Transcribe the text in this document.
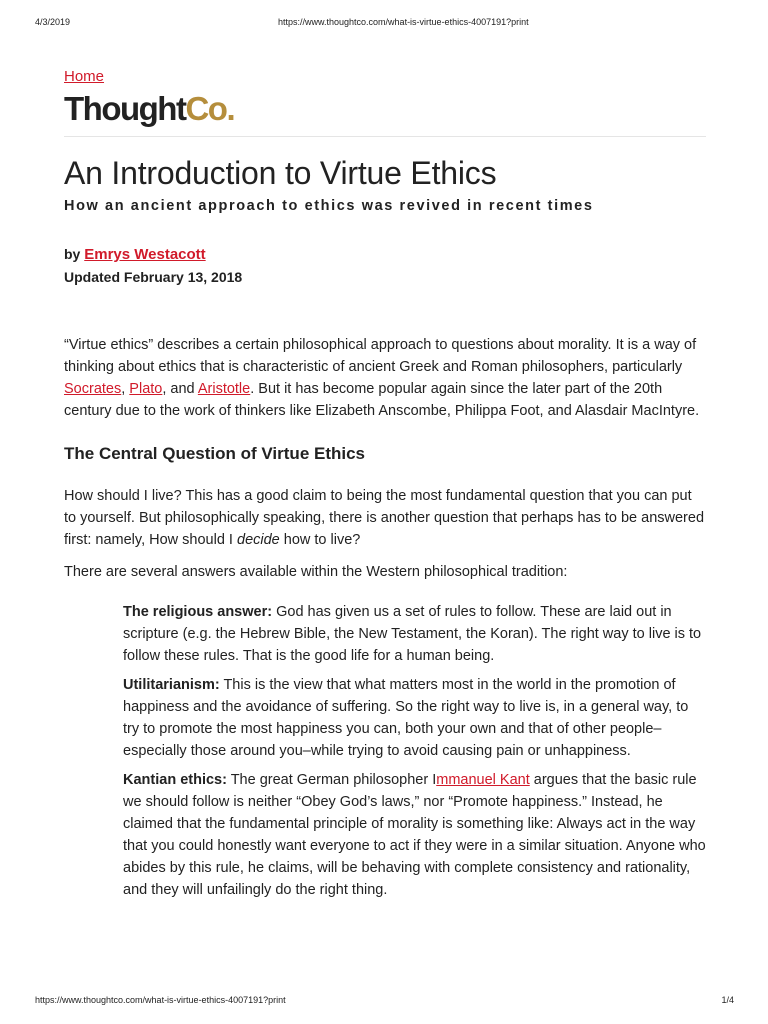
4/3/2019	https://www.thoughtco.com/what-is-virtue-ethics-4007191?print
Home
Thought Co .
An Introduction to Virtue Ethics
How an ancient approach to ethics was revived in recent times
by Emrys Westacott
Updated February 13, 2018

“Virtue ethics” describes a certain philosophical approach to questions about morality. It is a way of thinking about ethics that is characteristic of ancient Greek and Roman philosophers, particularly Socrates, Plato, and Aristotle. But it has become popular again since the later part of the 20th century due to the work of thinkers like Elizabeth Anscombe, Philippa Foot, and Alasdair MacIntyre.

The Central Question of Virtue Ethics

How should I live? This has a good claim to being the most fundamental question that you can put to yourself. But philosophically speaking, there is another question that perhaps has to be answered first: namely, How should I decide how to live?

There are several answers available within the Western philosophical tradition:

The religious answer: God has given us a set of rules to follow. These are laid out in scripture (e.g. the Hebrew Bible, the New Testament, the Koran). The right way to live is to follow these rules. That is the good life for a human being.

Utilitarianism: This is the view that what matters most in the world in the promotion of happiness and the avoidance of suffering. So the right way to live is, in a general way, to try to promote the most happiness you can, both your own and that of other people– especially those around you–while trying to avoid causing pain or unhappiness.

Kantian ethics: The great German philosopher Immanuel Kant argues that the basic rule we should follow is neither “Obey God’s laws,” nor “Promote happiness.” Instead, he claimed that the fundamental principle of morality is something like: Always act in the way that you could honestly want everyone to act if they were in a similar situation. Anyone who abides by this rule, he claims, will be behaving with complete consistency and rationality, and they will unfailingly do the right thing.

https://www.thoughtco.com/what-is-virtue-ethics-4007191?print	1/4
